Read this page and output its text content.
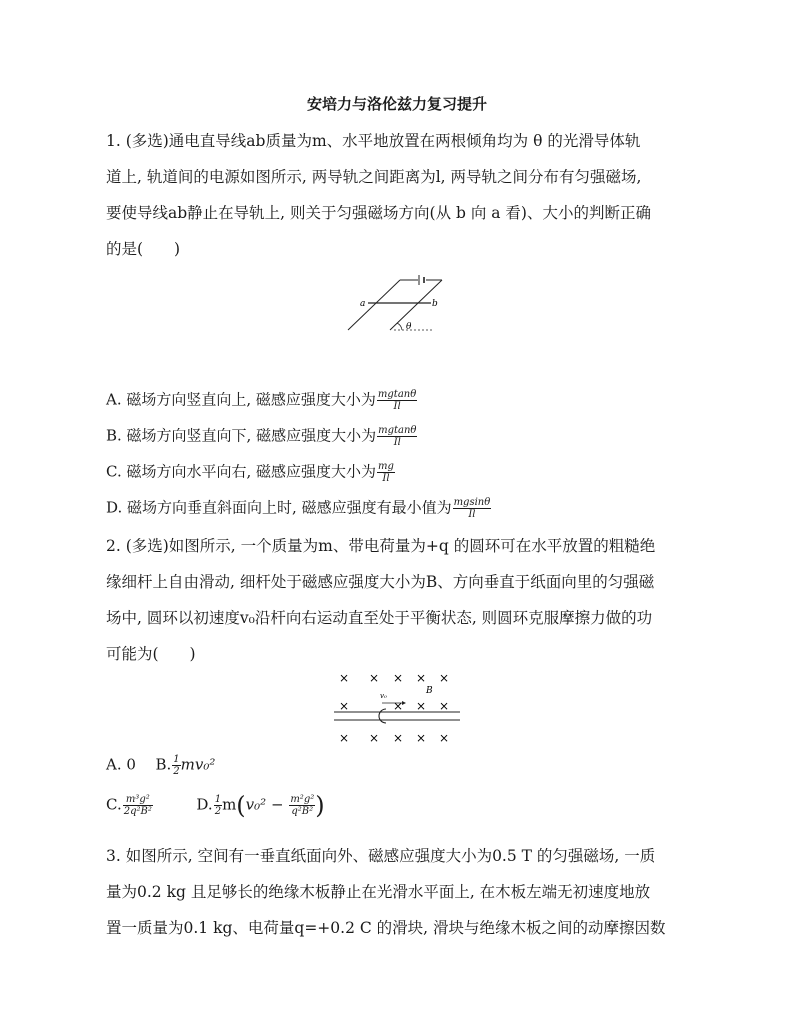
安培力与洛伦兹力复习提升
1. (多选)通电直导线ab质量为m、水平地放置在两根倾角均为 θ 的光滑导体轨
道上, 轨道间的电源如图所示, 两导轨之间距离为l, 两导轨之间分布有匀强磁场,
要使导线ab静止在导轨上, 则关于匀强磁场方向(从 b 向 a 看)、大小的判断正确
的是(　　)
a	b
θ
A. 磁场方向竖直向上, 磁感应强度大小为 $\frac{mgtan\theta}{Il}$
B. 磁场方向竖直向下, 磁感应强度大小为 $\frac{mgtan\theta}{Il}$
C. 磁场方向水平向右, 磁感应强度大小为 $\frac{mg}{Il}$
D. 磁场方向垂直斜面向上时, 磁感应强度有最小值为 $\frac{mgsin\theta}{Il}$
2. (多选)如图所示, 一个质量为m、带电荷量为+q 的圆环可在水平放置的粗糙绝
缘细杆上自由滑动, 细杆处于磁感应强度大小为B、方向垂直于纸面向里的匀强磁
场中, 圆环以初速度v₀沿杆向右运动直至处于平衡状态, 则圆环克服摩擦力做的功
可能为(　　)
× × × × ×
B
v₀
×	× × ×
× × × × ×
A. 0 B. $\frac{1}{2} mv_0^2$
C. $\frac{\text{m³g²}}{\text{2q²B²}}$	D. $\frac{1}{2} m(v_0^2 - \frac{\text{m²g²}}{\text{q²B²}}$ )
3. 如图所示, 空间有一垂直纸面向外、磁感应强度大小为0.5 T 的匀强磁场, 一质
量为0.2 kg 且足够长的绝缘木板静止在光滑水平面上, 在木板左端无初速度地放
置一质量为0.1 kg、电荷量q=+0.2 C 的滑块, 滑块与绝缘木板之间的动摩擦因数
